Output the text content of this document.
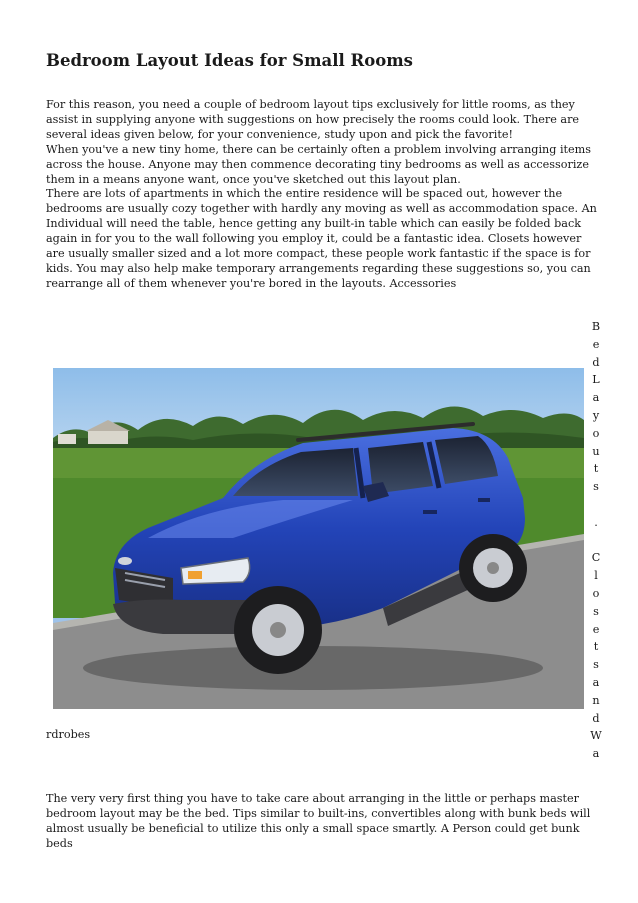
Bedroom Layout Ideas for Small Rooms

For this reason, you need a couple of bedroom layout tips exclusively for little rooms, as they assist in supplying anyone with suggestions on how precisely the rooms could look. There are several ideas given below, for your convenience, study upon and pick the favorite!

When you've a new tiny home, there can be certainly often a problem involving arranging items across the house. Anyone may then commence decorating tiny bedrooms as well as accessorize them in a means anyone want, once you've sketched out this layout plan.

There are lots of apartments in which the entire residence will be spaced out, however the bedrooms are usually cozy together with hardly any moving as well as accommodation space. An Individual will need the table, hence getting any built-in table which can easily be folded back again in for you to the wall following you employ it, could be a fantastic idea. Closets however are usually smaller sized and a lot more compact, these people work fantastic if the space is for kids. You may also help make temporary arrangements regarding these suggestions so, you can rearrange all of them whenever you're bored in the layouts. Accessories

B
e
d
L
a
y
o
u
t
s
.
C
l
o
s
e
t
s
a
n
d
W
a
rdrobes

The very very first thing you have to take care about arranging in the little or perhaps master bedroom layout may be the bed. Tips similar to built-ins, convertibles along with bunk beds will almost usually be beneficial to utilize this only a small space smartly. A Person could get bunk beds
